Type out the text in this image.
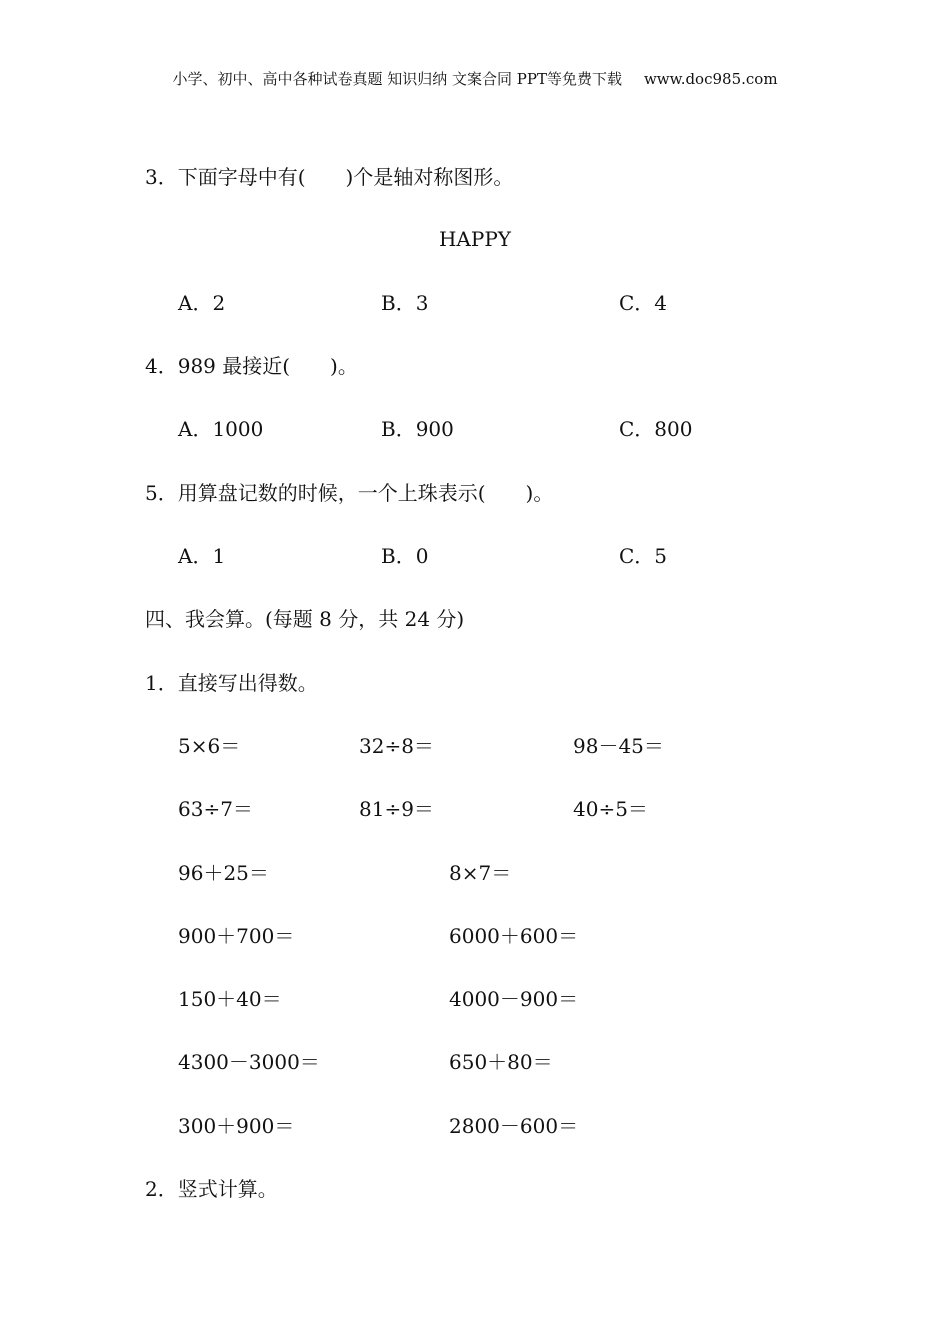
小学、初中、高中各种试卷真题 知识归纳 文案合同 PPT等免费下载 www.doc985.com
3．下面字母中有(　　)个是轴对称图形。
HAPPY
A．2	B．3	C．4
4．989 最接近(　　)。
A．1000	B．900	C．800
5．用算盘记数的时候，一个上珠表示(　　)。
A．1	B．0	C．5
四、我会算。(每题 8 分，共 24 分)
1．直接写出得数。
5×6＝	32÷8＝	98－45＝
63÷7＝	81÷9＝	40÷5＝
96＋25＝	8×7＝
900＋700＝	6000＋600＝
150＋40＝	4000－900＝
4300－3000＝	650＋80＝
300＋900＝	2800－600＝
2．竖式计算。
